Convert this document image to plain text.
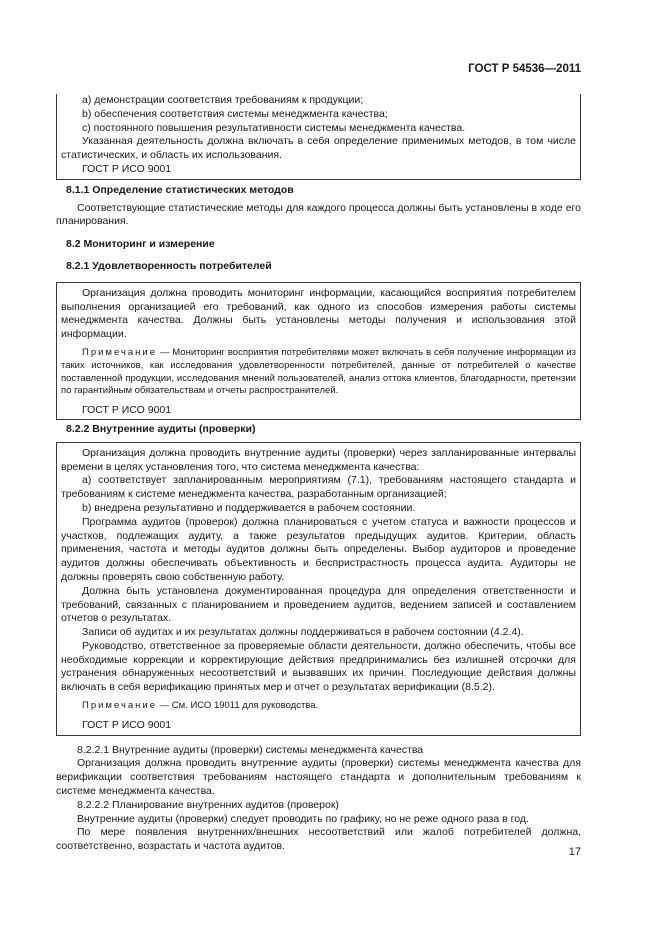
ГОСТ Р 54536—2011

a) демонстрации соответствия требованиям к продукции;

b) обеспечения соответствия системы менеджмента качества;

c) постоянного повышения результативности системы менеджмента качества.

Указанная деятельность должна включать в себя определение применимых методов, в том числе статистических, и область их использования.

ГОСТ Р ИСО 9001

8.1.1 Определение статистических методов

Соответствующие статистические методы для каждого процесса должны быть установлены в ходе его планирования.

8.2 Мониторинг и измерение

8.2.1 Удовлетворенность потребителей

Организация должна проводить мониторинг информации, касающийся восприятия потребителем выполнения организацией его требований, как одного из способов измерения работы системы менеджмента качества. Должны быть установлены методы получения и использования этой информации.

Примечание — Мониторинг восприятия потребителями может включать в себя получение информации из таких источников, как исследования удовлетворенности потребителей, данные от потребителей о качестве поставленной продукции, исследования мнений пользователей, анализ оттока клиентов, благодарности, претензии по гарантийным обязательствам и отчеты распространителей.

ГОСТ Р ИСО 9001

8.2.2 Внутренние аудиты (проверки)

Организация должна проводить внутренние аудиты (проверки) через запланированные интервалы времени в целях установления того, что система менеджмента качества:

a) соответствует запланированным мероприятиям (7.1), требованиям настоящего стандарта и требованиям к системе менеджмента качества, разработанным организацией;

b) внедрена результативно и поддерживается в рабочем состоянии.

Программа аудитов (проверок) должна планироваться с учетом статуса и важности процессов и участков, подлежащих аудиту, а также результатов предыдущих аудитов. Критерии, область применения, частота и методы аудитов должны быть определены. Выбор аудиторов и проведение аудитов должны обеспечивать объективность и беспристрастность процесса аудита. Аудиторы не должны проверять свою собственную работу.

Должна быть установлена документированная процедура для определения ответственности и требований, связанных с планированием и проведением аудитов, ведением записей и составлением отчетов о результатах.

Записи об аудитах и их результатах должны поддерживаться в рабочем состоянии (4.2.4).

Руководство, ответственное за проверяемые области деятельности, должно обеспечить, чтобы все необходимые коррекции и корректирующие действия предпринимались без излишней отсрочки для устранения обнаруженных несоответствий и вызвавших их причин. Последующие действия должны включать в себя верификацию принятых мер и отчет о результатах верификации (8.5.2).

Примечание — См. ИСО 19011 для руководства.

ГОСТ Р ИСО 9001

8.2.2.1 Внутренние аудиты (проверки) системы менеджмента качества

Организация должна проводить внутренние аудиты (проверки) системы менеджмента качества для верификации соответствия требованиям настоящего стандарта и дополнительным требованиям к системе менеджмента качества.

8.2.2.2 Планирование внутренних аудитов (проверок)

Внутренние аудиты (проверки) следует проводить по графику, но не реже одного раза в год.

По мере появления внутренних/внешних несоответствий или жалоб потребителей должна, соответственно, возрастать и частота аудитов.	17
